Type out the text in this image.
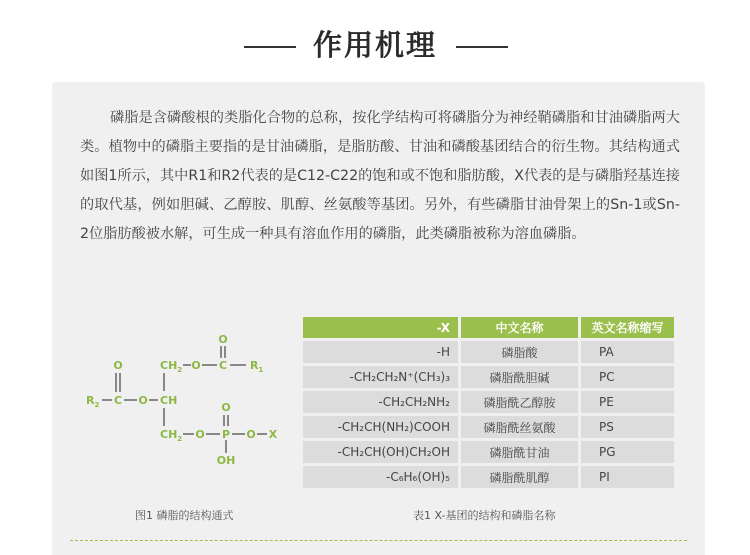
作用机理

磷脂是含磷酸根的类脂化合物的总称，按化学结构可将磷脂分为神经鞘磷脂和甘油磷脂两大类。植物中的磷脂主要指的是甘油磷脂，是脂肪酸、甘油和磷酸基团结合的衍生物。其结构通式如图1所示，其中R1和R2代表的是C12-C22的饱和或不饱和脂肪酸，X代表的是与磷脂羟基连接的取代基，例如胆碱、乙醇胺、肌醇、丝氨酸等基团。另外，有些磷脂甘油骨架上的Sn-1或Sn-2位脂肪酸被水解，可生成一种具有溶血作用的磷脂，此类磷脂被称为溶血磷脂。

O
O	$CH_2$ O C $R_1$
$R_2$ C O CH
O
$CH_2$ O P O X
OH
-X	中文名称	英文名称缩写
-H	磷脂酸	PA
-CH₂CH₂N⁺(CH₃)₃	磷脂酰胆碱	PC
-CH₂CH₂NH₂	磷脂酰乙醇胺	PE
-CH₂CH(NH₂)COOH	磷脂酰丝氨酸	PS
-CH₂CH(OH)CH₂OH	磷脂酰甘油	PG
-C₆H₆(OH)₅	磷脂酰肌醇	PI
图1 磷脂的结构通式	表1 X-基团的结构和磷脂名称
